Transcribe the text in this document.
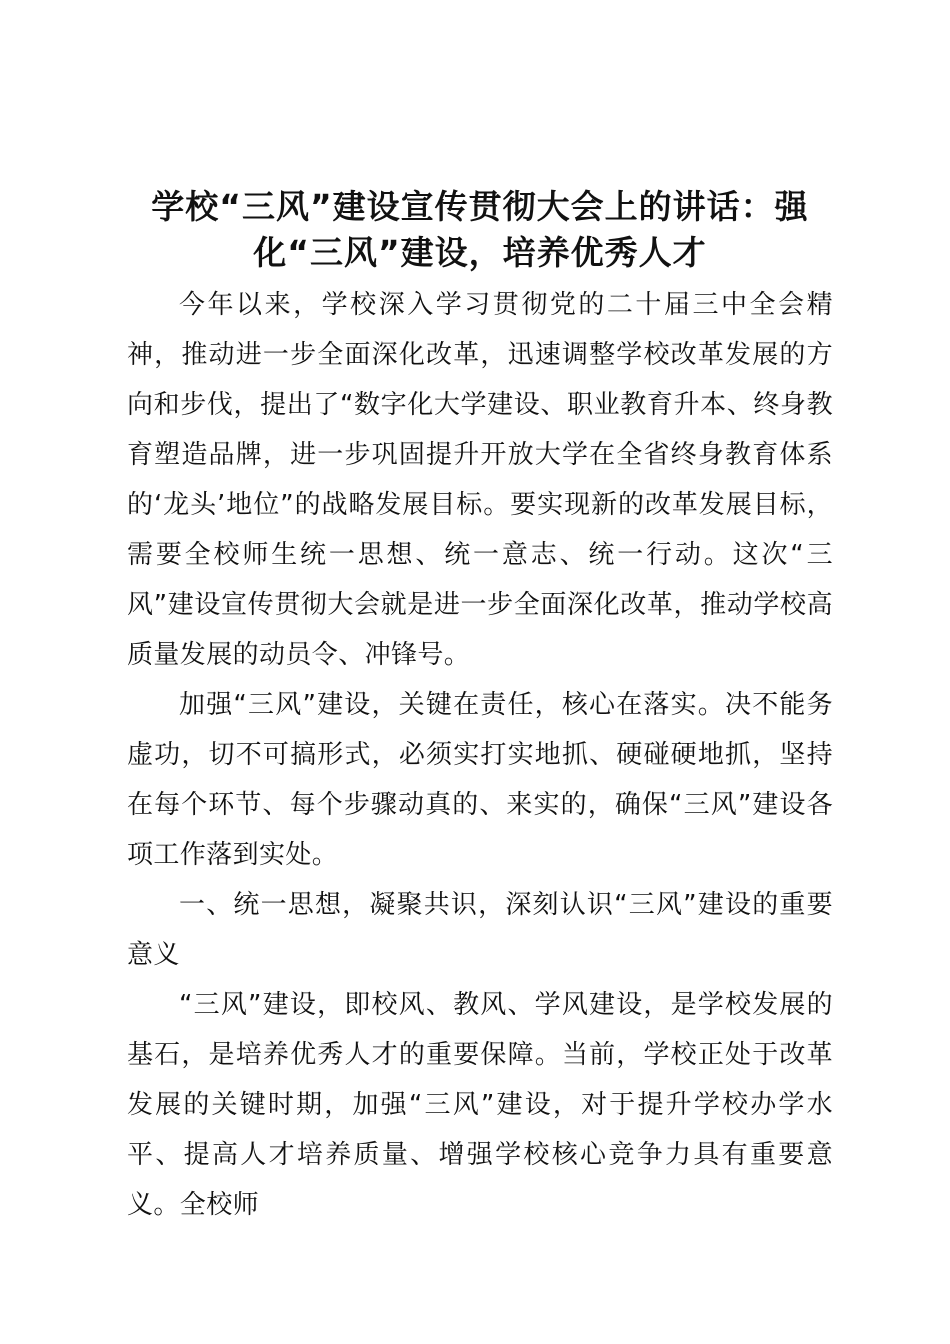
学校“三风”建设宣传贯彻大会上的讲话：强化“三风”建设，培养优秀人才

今年以来，学校深入学习贯彻党的二十届三中全会精神，推动进一步全面深化改革，迅速调整学校改革发展的方向和步伐，提出了“数字化大学建设、职业教育升本、终身教育塑造品牌，进一步巩固提升开放大学在全省终身教育体系的‘龙头’地位”的战略发展目标。要实现新的改革发展目标，需要全校师生统一思想、统一意志、统一行动。这次“三风”建设宣传贯彻大会就是进一步全面深化改革，推动学校高质量发展的动员令、冲锋号。

加强“三风”建设，关键在责任，核心在落实。决不能务虚功，切不可搞形式，必须实打实地抓、硬碰硬地抓，坚持在每个环节、每个步骤动真的、来实的，确保“三风”建设各项工作落到实处。

一、统一思想，凝聚共识，深刻认识“三风”建设的重要意义

“三风”建设，即校风、教风、学风建设，是学校发展的基石，是培养优秀人才的重要保障。当前，学校正处于改革发展的关键时期，加强“三风”建设，对于提升学校办学水平、提高人才培养质量、增强学校核心竞争力具有重要意义。全校师
